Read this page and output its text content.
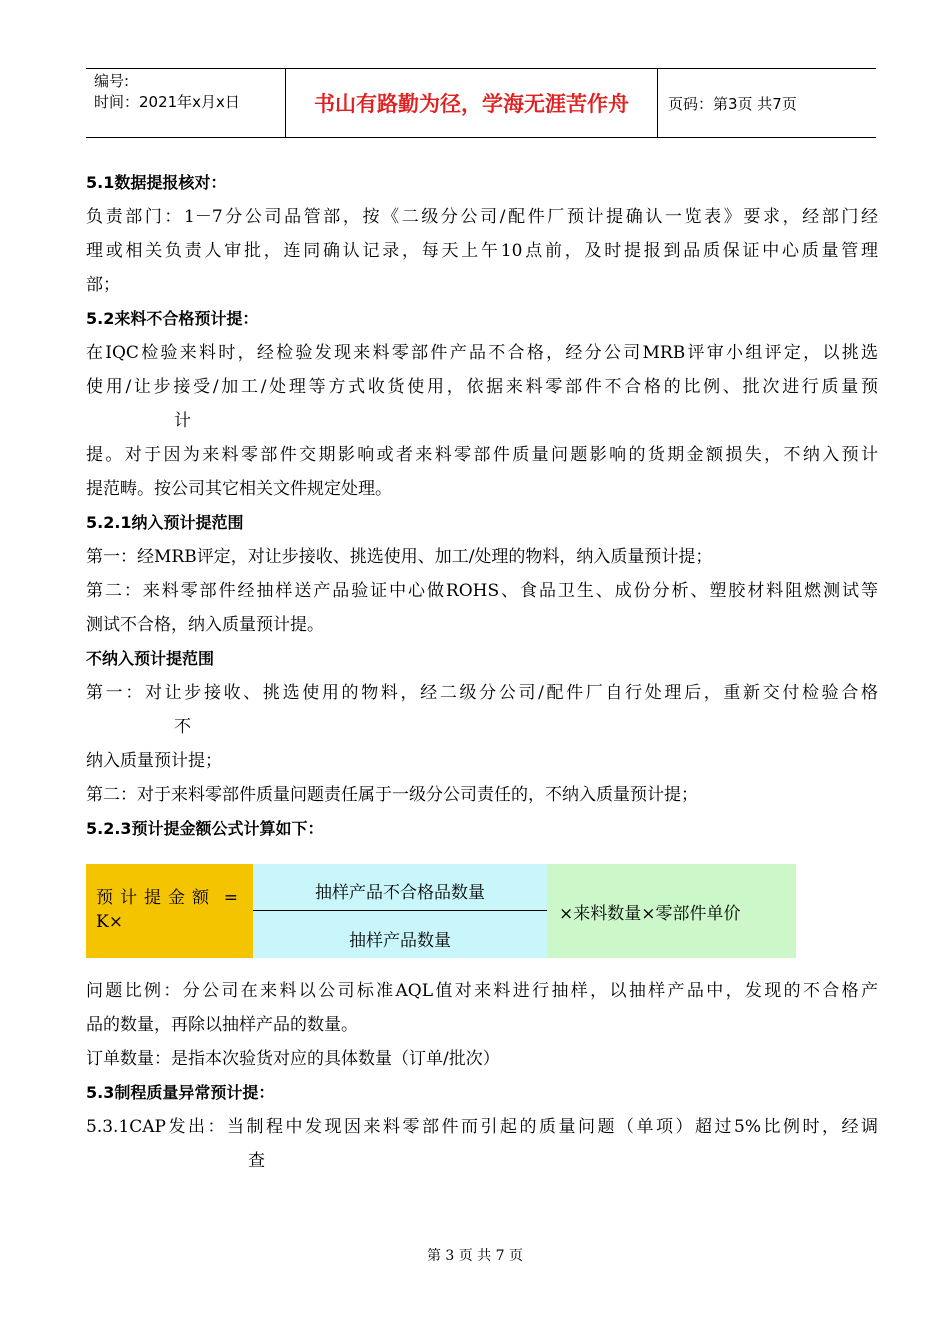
编号:
时间：2021年x月x日	书山有路勤为径，学海无涯苦作舟	页码：第3页 共7页

5.1数据提报核对：

负责部门：1－7分公司品管部，按《二级分公司/配件厂预计提确认一览表》要求，经部门经

理或相关负责人审批，连同确认记录，每天上午10点前，及时提报到品质保证中心质量管理

部；

5.2来料不合格预计提：

在IQC检验来料时，经检验发现来料零部件产品不合格，经分公司MRB评审小组评定，以挑选

使用/让步接受/加工/处理等方式收货使用，依据来料零部件不合格的比例、批次进行质量预

计

提。对于因为来料零部件交期影响或者来料零部件质量问题影响的货期金额损失，不纳入预计

提范畴。按公司其它相关文件规定处理。

5.2.1纳入预计提范围

第一：经MRB评定，对让步接收、挑选使用、加工/处理的物料，纳入质量预计提；

第二：来料零部件经抽样送产品验证中心做ROHS、食品卫生、成份分析、塑胶材料阻燃测试等

测试不合格，纳入质量预计提。

不纳入预计提范围

第一：对让步接收、挑选使用的物料，经二级分公司/配件厂自行处理后，重新交付检验合格

不

纳入质量预计提；

第二：对于来料零部件质量问题责任属于一级分公司责任的，不纳入质量预计提；

5.2.3预计提金额公式计算如下：

预计提金额 =
K×
抽样产品不合格品数量
抽样产品数量
×来料数量×零部件单价

问题比例：分公司在来料以公司标准AQL值对来料进行抽样，以抽样产品中，发现的不合格产

品的数量，再除以抽样产品的数量。

订单数量：是指本次验货对应的具体数量（订单/批次）

5.3制程质量异常预计提：

5.3.1CAP发出：当制程中发现因来料零部件而引起的质量问题（单项）超过5%比例时，经调

查

第 3 页 共 7 页
